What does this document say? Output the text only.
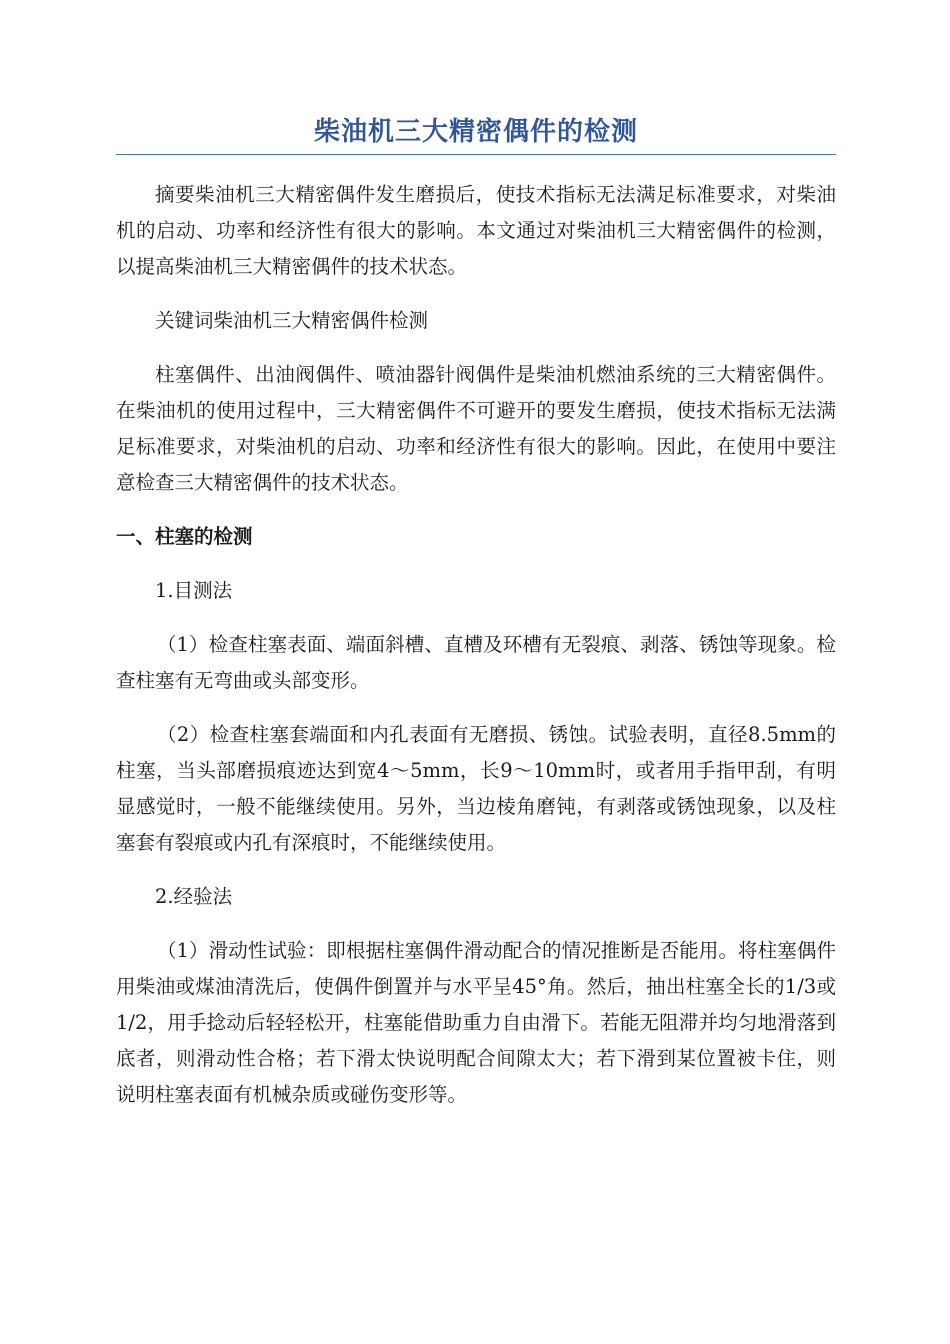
柴油机三大精密偶件的检测

摘要柴油机三大精密偶件发生磨损后，使技术指标无法满足标准要求，对柴油机的启动、功率和经济性有很大的影响。本文通过对柴油机三大精密偶件的检测，以提高柴油机三大精密偶件的技术状态。

关键词柴油机三大精密偶件检测

柱塞偶件、出油阀偶件、喷油器针阀偶件是柴油机燃油系统的三大精密偶件。在柴油机的使用过程中，三大精密偶件不可避开的要发生磨损，使技术指标无法满足标准要求，对柴油机的启动、功率和经济性有很大的影响。因此，在使用中要注意检查三大精密偶件的技术状态。

一、柱塞的检测

1.目测法

（1）检查柱塞表面、端面斜槽、直槽及环槽有无裂痕、剥落、锈蚀等现象。检查柱塞有无弯曲或头部变形。

（2）检查柱塞套端面和内孔表面有无磨损、锈蚀。试验表明，直径8.5mm的柱塞，当头部磨损痕迹达到宽4～5mm，长9～10mm时，或者用手指甲刮，有明显感觉时，一般不能继续使用。另外，当边棱角磨钝，有剥落或锈蚀现象，以及柱塞套有裂痕或内孔有深痕时，不能继续使用。

2.经验法

（1）滑动性试验：即根据柱塞偶件滑动配合的情况推断是否能用。将柱塞偶件用柴油或煤油清洗后，使偶件倒置并与水平呈45°角。然后，抽出柱塞全长的1/3或1/2，用手捻动后轻轻松开，柱塞能借助重力自由滑下。若能无阻滞并均匀地滑落到底者，则滑动性合格；若下滑太快说明配合间隙太大；若下滑到某位置被卡住，则说明柱塞表面有机械杂质或碰伤变形等。
